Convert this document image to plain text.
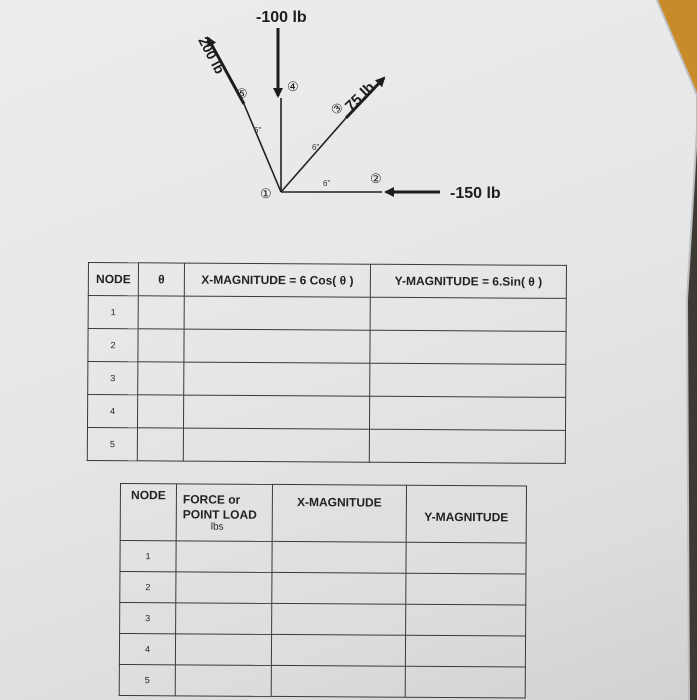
-100 lb
200 lb
75 lb
-150 lb
①
②
③
④
⑤
6"
6"
6"
NODE	θ	X-MAGNITUDE = 6 Cos( θ )	Y-MAGNITUDE = 6.Sin( θ )
1			
2			
3			
4			
5			
NODE	FORCE or
POINT LOAD
lbs	X-MAGNITUDE	Y-MAGNITUDE
1			
2			
3			
4			
5			
